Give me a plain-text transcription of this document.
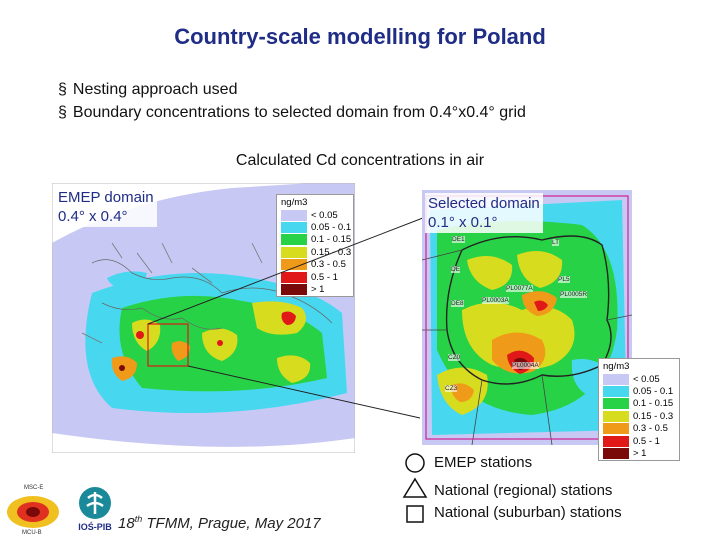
Country-scale modelling for Poland
§ Nesting approach used
§ Boundary concentrations to selected domain from 0.4°x0.4° grid
Calculated Cd concentrations in air
EMEP domain
0.4° x 0.4°
ng/m3
< 0.05
0.05 - 0.1
0.1 - 0.15
0.15 - 0.3
0.3 - 0.5
0.5 - 1
> 1
DE1
DE
LT
PL5
PL0077A
PL0005R
PL0003A
DE8
CZ0
CZ3
PL0004A
Selected domain
0.1° x 0.1°
ng/m3
< 0.05
0.05 - 0.1
0.1 - 0.15
0.15 - 0.3
0.3 - 0.5
0.5 - 1
> 1
EMEP stations
National (regional) stations
National (suburban) stations
MSC-E
MCU-B
IOŚ-PIB 18th TFMM, Prague, May 2017
